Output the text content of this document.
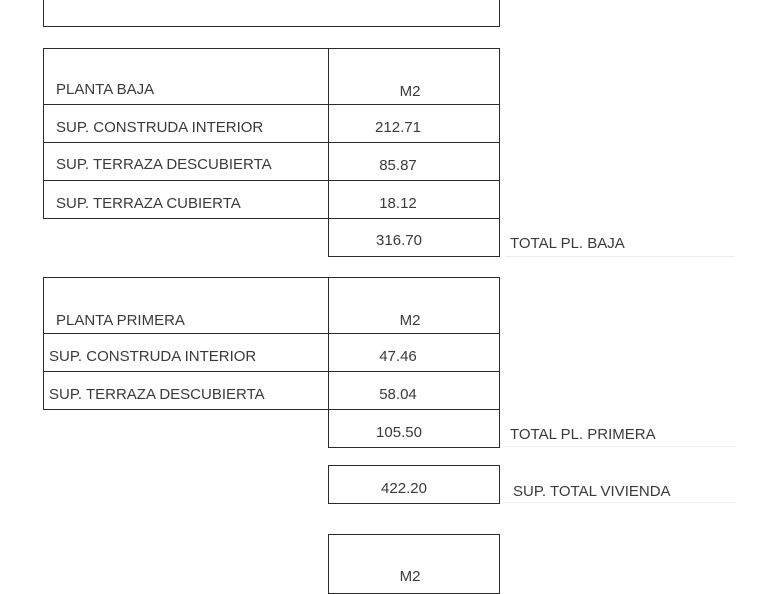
PLANTA BAJA	M2
SUP. CONSTRUDA INTERIOR	212.71
SUP. TERRAZA DESCUBIERTA	85.87
SUP. TERRAZA CUBIERTA	18.12
316.70	TOTAL PL. BAJA
PLANTA PRIMERA	M2
SUP. CONSTRUDA INTERIOR	47.46
SUP. TERRAZA DESCUBIERTA	58.04
105.50	TOTAL PL. PRIMERA
422.20	SUP. TOTAL VIVIENDA
M2
